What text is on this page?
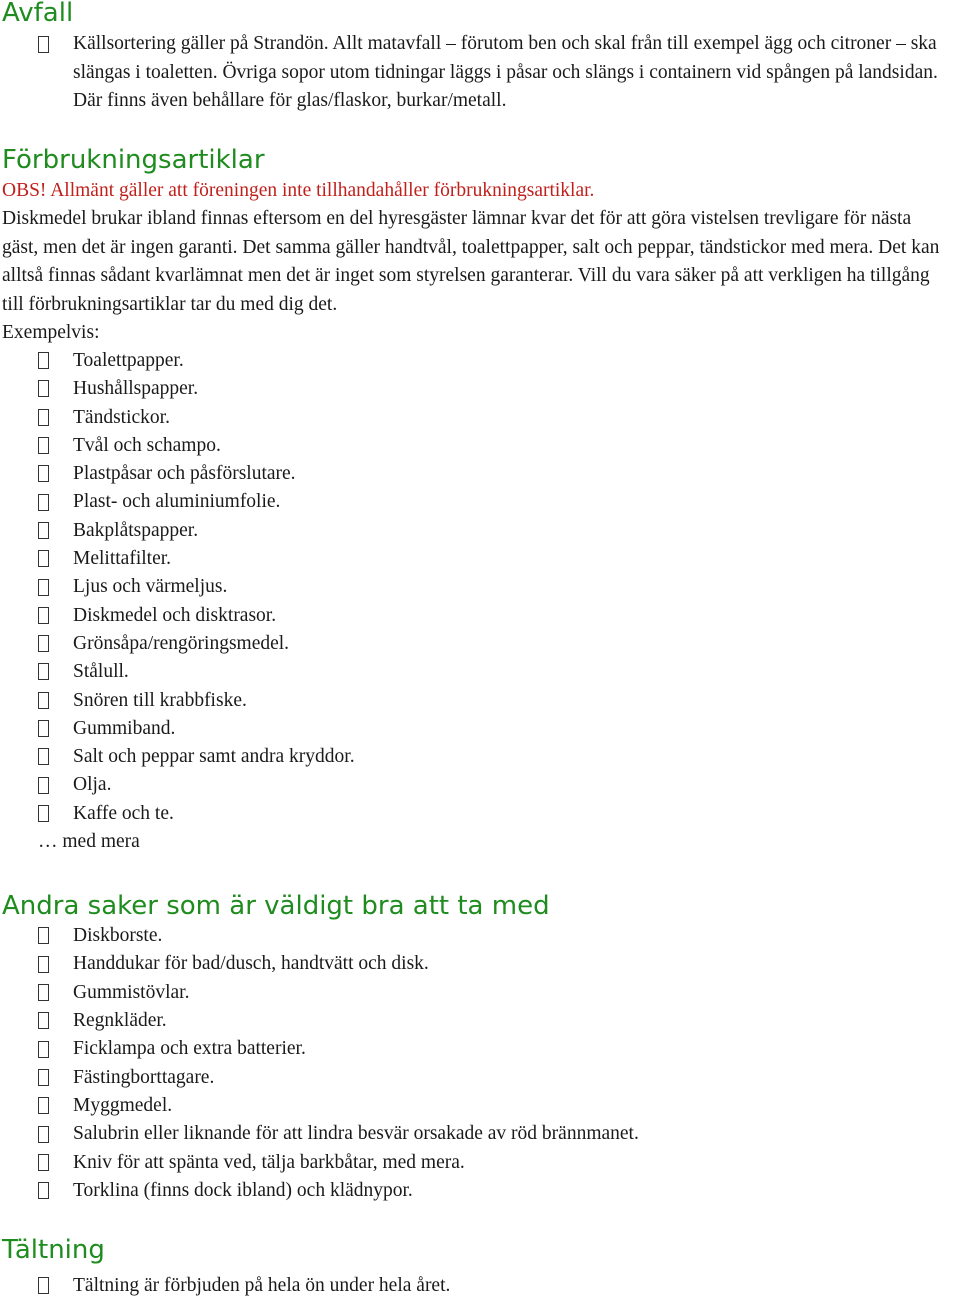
Avfall
Källsortering gäller på Strandön. Allt matavfall – förutom ben och skal från till exempel ägg och citroner – ska slängas i toaletten. Övriga sopor utom tidningar läggs i påsar och slängs i containern vid spången på landsidan. Där finns även behållare för glas/flaskor, burkar/metall.
Förbrukningsartiklar

OBS! Allmänt gäller att föreningen inte tillhandahåller förbrukningsartiklar.

Diskmedel brukar ibland finnas eftersom en del hyresgäster lämnar kvar det för att göra vistelsen trevligare för nästa gäst, men det är ingen garanti. Det samma gäller handtvål, toalettpapper, salt och peppar, tändstickor med mera. Det kan alltså finnas sådant kvarlämnat men det är inget som styrelsen garanterar. Vill du vara säker på att verkligen ha tillgång till förbrukningsartiklar tar du med dig det.

Exempelvis:

Toalettpapper.
Hushållspapper.
Tändstickor.
Tvål och schampo.
Plastpåsar och påsförslutare.
Plast- och aluminiumfolie.
Bakplåtspapper.
Melittafilter.
Ljus och värmeljus.
Diskmedel och disktrasor.
Grönsåpa/rengöringsmedel.
Stålull.
Snören till krabbfiske.
Gummiband.
Salt och peppar samt andra kryddor.
Olja.
Kaffe och te.
… med mera
Andra saker som är väldigt bra att ta med
Diskborste.
Handdukar för bad/dusch, handtvätt och disk.
Gummistövlar.
Regnkläder.
Ficklampa och extra batterier.
Fästingborttagare.
Myggmedel.
Salubrin eller liknande för att lindra besvär orsakade av röd brännmanet.
Kniv för att spänta ved, tälja barkbåtar, med mera.
Torklina (finns dock ibland) och klädnypor.
Tältning
Tältning är förbjuden på hela ön under hela året.
